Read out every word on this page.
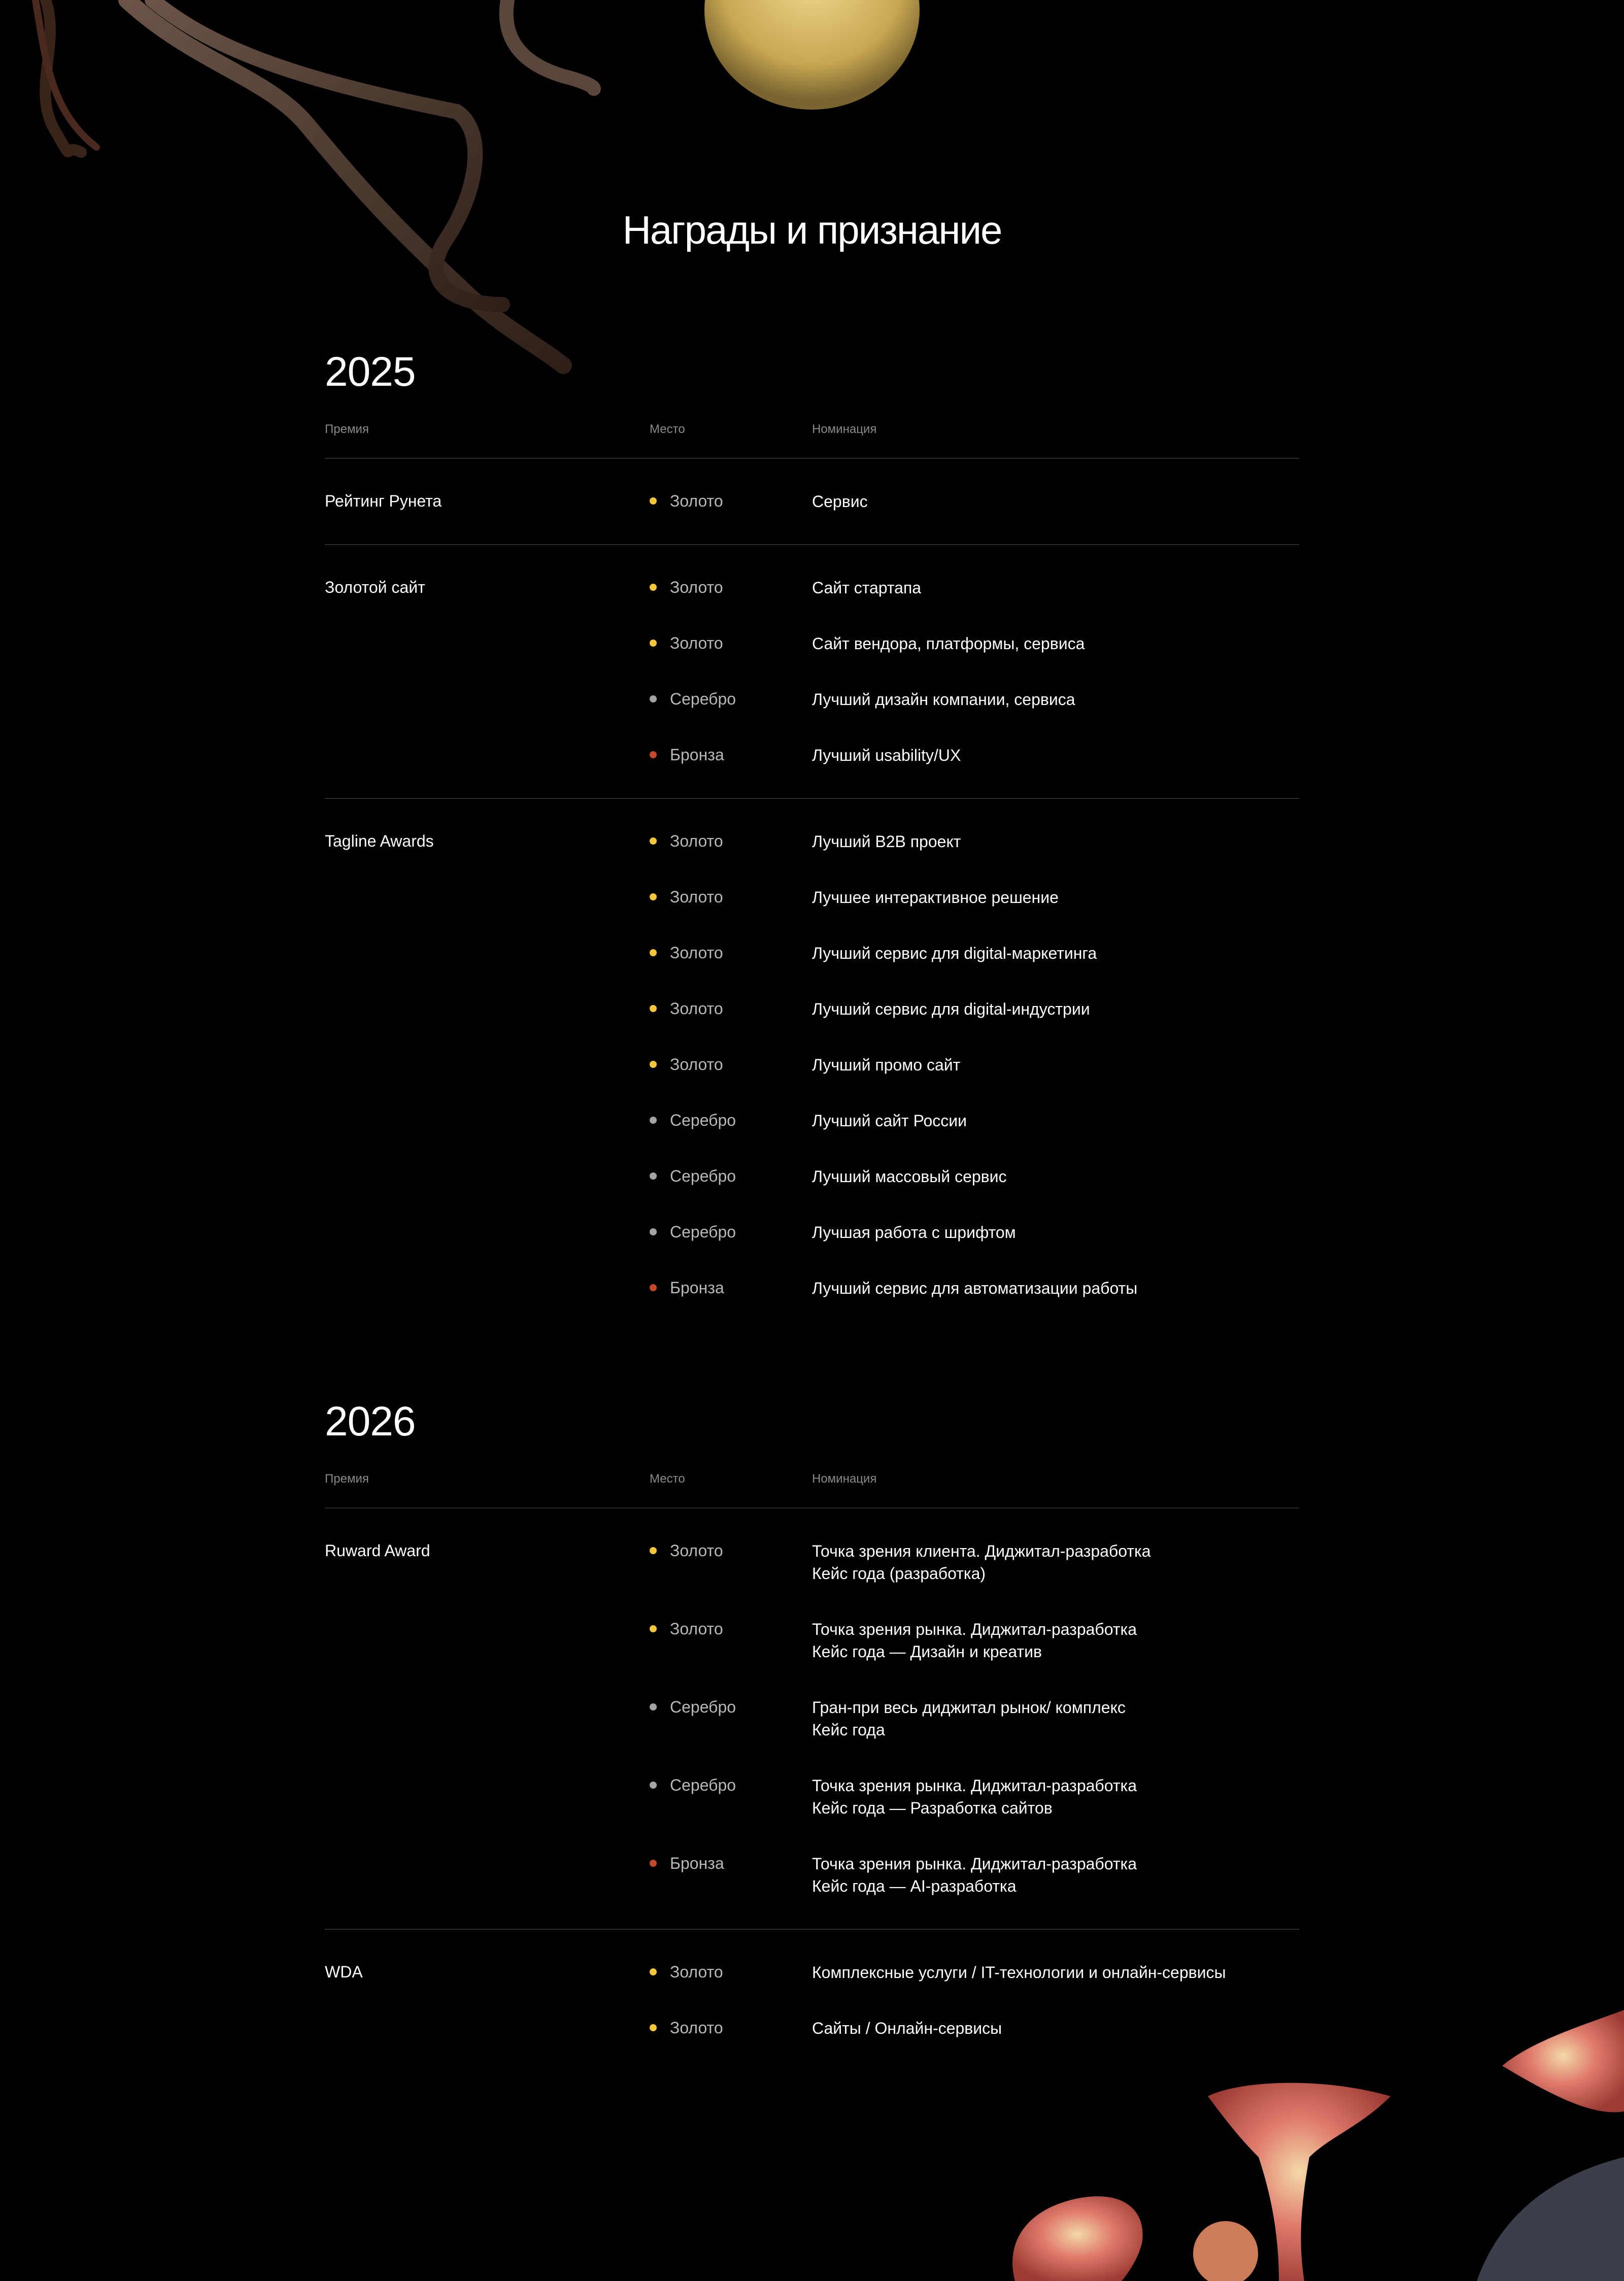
Награды и признание
2025
Премия	Место	Номинация
Рейтинг Рунета	Золото	Сервис
Золотой сайт	Золото	Сайт стартапа
Золото	Сайт вендора, платформы, сервиса
Серебро	Лучший дизайн компании, сервиса
Бронза	Лучший usability/UX
Tagline Awards	Золото	Лучший B2B проект
Золото	Лучшее интерактивное решение
Золото	Лучший сервис для digital-маркетинга
Золото	Лучший сервис для digital-индустрии
Золото	Лучший промо сайт
Серебро	Лучший сайт России
Серебро	Лучший массовый сервис
Серебро	Лучшая работа с шрифтом
Бронза	Лучший сервис для автоматизации работы
2026
Премия	Место	Номинация
Ruward Award	Золото	Точка зрения клиента. Диджитал-разработка
Кейс года (разработка)
Золото	Точка зрения рынка. Диджитал-разработка
Кейс года — Дизайн и креатив
Серебро	Гран-при весь диджитал рынок/ комплекс
Кейс года
Серебро	Точка зрения рынка. Диджитал-разработка
Кейс года — Разработка сайтов
Бронза	Точка зрения рынка. Диджитал-разработка
Кейс года — AI-разработка
WDA	Золото	Комплексные услуги / IT-технологии и онлайн-сервисы
Золото	Сайты / Онлайн-сервисы
